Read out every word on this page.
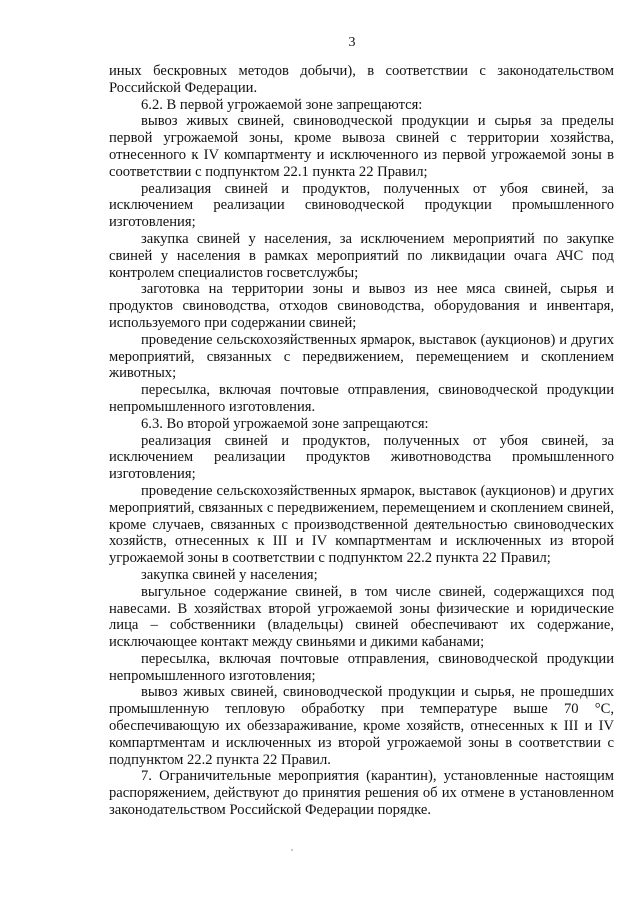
3

иных бескровных методов добычи), в соответствии с законодательством Российской Федерации.

6.2. В первой угрожаемой зоне запрещаются:

вывоз живых свиней, свиноводческой продукции и сырья за пределы первой угрожаемой зоны, кроме вывоза свиней с территории хозяйства, отнесенного к IV компартменту и исключенного из первой угрожаемой зоны в соответствии с подпунктом 22.1 пункта 22 Правил;

реализация свиней и продуктов, полученных от убоя свиней, за исключением реализации свиноводческой продукции промышленного изготовления;

закупка свиней у населения, за исключением мероприятий по закупке свиней у населения в рамках мероприятий по ликвидации очага АЧС под контролем специалистов госветслужбы;

заготовка на территории зоны и вывоз из нее мяса свиней, сырья и продуктов свиноводства, отходов свиноводства, оборудования и инвентаря, используемого при содержании свиней;

проведение сельскохозяйственных ярмарок, выставок (аукционов) и других мероприятий, связанных с передвижением, перемещением и скоплением животных;

пересылка, включая почтовые отправления, свиноводческой продукции непромышленного изготовления.

6.3. Во второй угрожаемой зоне запрещаются:

реализация свиней и продуктов, полученных от убоя свиней, за исключением реализации продуктов животноводства промышленного изготовления;

проведение сельскохозяйственных ярмарок, выставок (аукционов) и других мероприятий, связанных с передвижением, перемещением и скоплением свиней, кроме случаев, связанных с производственной деятельностью свиноводческих хозяйств, отнесенных к III и IV компартментам и исключенных из второй угрожаемой зоны в соответствии с подпунктом 22.2 пункта 22 Правил;

закупка свиней у населения;

выгульное содержание свиней, в том числе свиней, содержащихся под навесами. В хозяйствах второй угрожаемой зоны физические и юридические лица – собственники (владельцы) свиней обеспечивают их содержание, исключающее контакт между свиньями и дикими кабанами;

пересылка, включая почтовые отправления, свиноводческой продукции непромышленного изготовления;

вывоз живых свиней, свиноводческой продукции и сырья, не прошедших промышленную тепловую обработку при температуре выше 70 °С, обеспечивающую их обеззараживание, кроме хозяйств, отнесенных к III и IV компартментам и исключенных из второй угрожаемой зоны в соответствии с подпунктом 22.2 пункта 22 Правил.

7. Ограничительные мероприятия (карантин), установленные настоящим распоряжением, действуют до принятия решения об их отмене в установленном законодательством Российской Федерации порядке.
